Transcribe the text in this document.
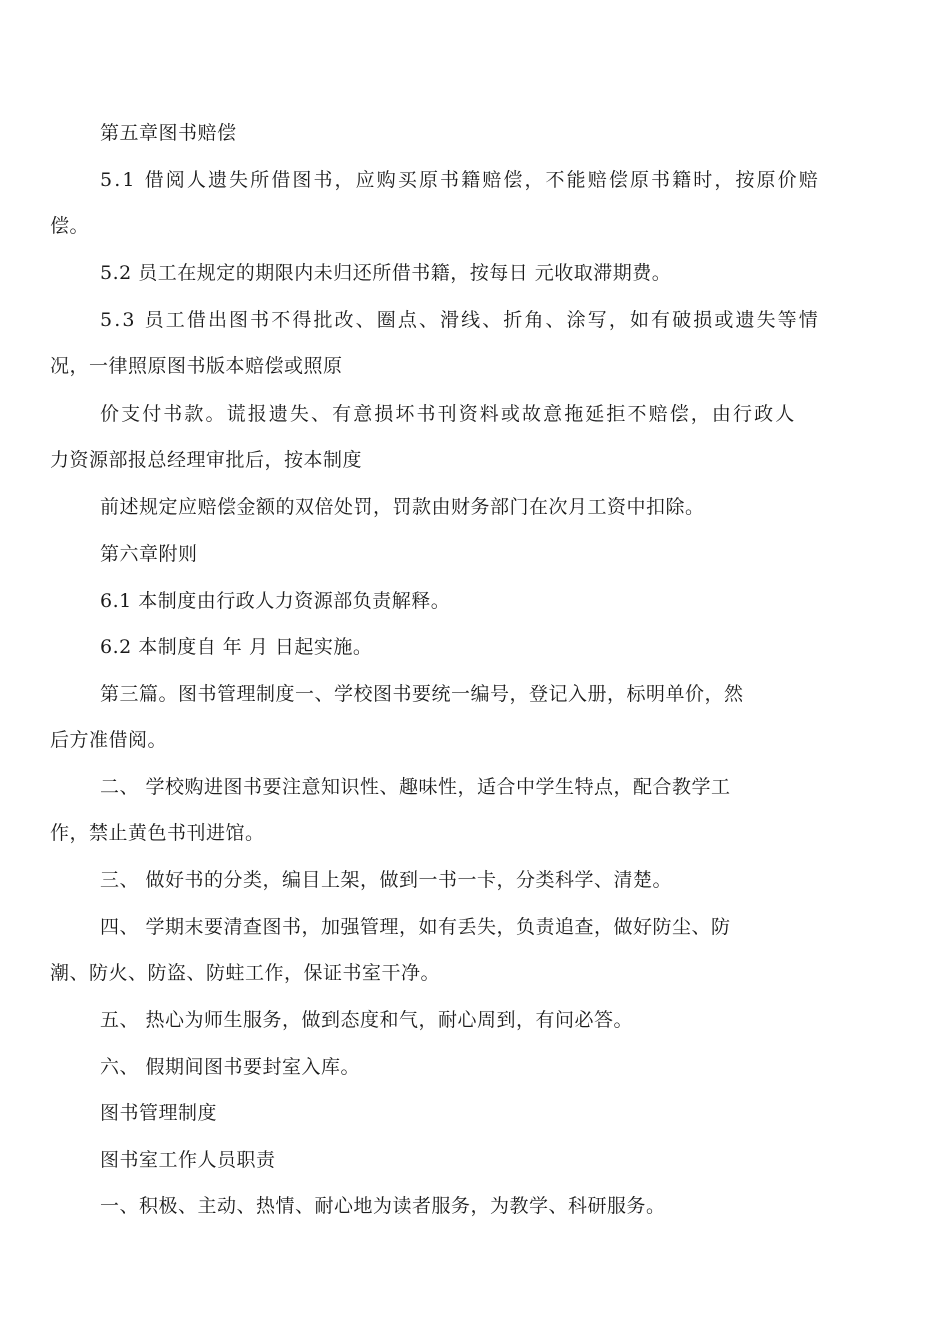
第五章图书赔偿

5.1 借阅人遗失所借图书，应购买原书籍赔偿，不能赔偿原书籍时，按原价赔
偿。

5.2 员工在规定的期限内未归还所借书籍，按每日 元收取滞期费。

5.3 员工借出图书不得批改、圈点、滑线、折角、涂写，如有破损或遗失等情
况，一律照原图书版本赔偿或照原

价支付书款。谎报遗失、有意损坏书刊资料或故意拖延拒不赔偿，由行政人
力资源部报总经理审批后，按本制度

前述规定应赔偿金额的双倍处罚，罚款由财务部门在次月工资中扣除。

第六章附则

6.1 本制度由行政人力资源部负责解释。

6.2 本制度自 年 月 日起实施。

第三篇。图书管理制度一、学校图书要统一编号，登记入册，标明单价，然
后方准借阅。

二、 学校购进图书要注意知识性、趣味性，适合中学生特点，配合教学工
作，禁止黄色书刊进馆。

三、 做好书的分类，编目上架，做到一书一卡，分类科学、清楚。

四、 学期末要清查图书，加强管理，如有丢失，负责追查，做好防尘、防
潮、防火、防盗、防蛀工作，保证书室干净。

五、 热心为师生服务，做到态度和气，耐心周到，有问必答。

六、 假期间图书要封室入库。

图书管理制度

图书室工作人员职责

一、积极、主动、热情、耐心地为读者服务，为教学、科研服务。
